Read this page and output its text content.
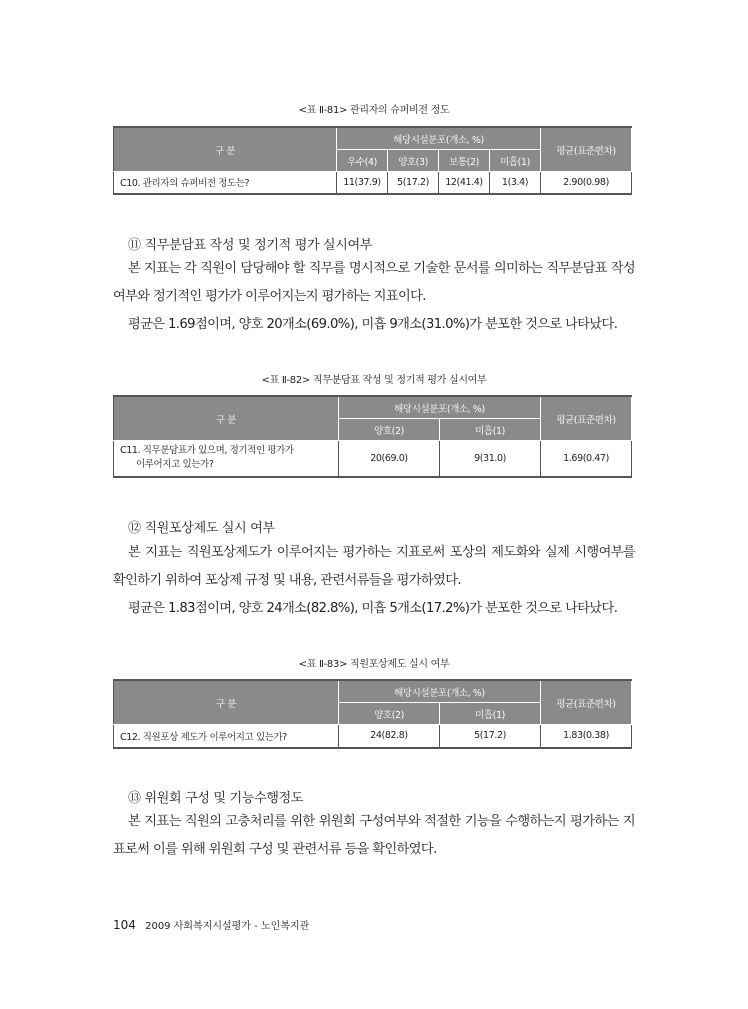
<표 Ⅱ-81> 관리자의 슈퍼비전 정도
구 분	해당시설분포(개소, %)				평균(표준편차)
	우수(4)	양호(3)	보통(2)	미흡(1)	
C10. 관리자의 슈퍼비전 정도는?	11(37.9)	5(17.2)	12(41.4)	1(3.4)	2.90(0.98)
⑪ 직무분담표 작성 및 정기적 평가 실시여부

본 지표는 각 직원이 담당해야 할 직무를 명시적으로 기술한 문서를 의미하는 직무분담표 작성여부와 정기적인 평가가 이루어지는지 평가하는 지표이다.

평균은 1.69점이며, 양호 20개소(69.0%), 미흡 9개소(31.0%)가 분포한 것으로 나타났다.

<표 Ⅱ-82> 직무분담표 작성 및 정기적 평가 실시여부
구 분	해당시설분포(개소, %)		평균(표준편차)
	양호(2)	미흡(1)	

C11. 직무분담표가 있으며, 정기적인 평가가
이루어지고 있는가?	20(69.0)	9(31.0)	1.69(0.47)
⑫ 직원포상제도 실시 여부

본 지표는 직원포상제도가 이루어지는 평가하는 지표로써 포상의 제도화와 실제 시행여부를 확인하기 위하여 포상제 규정 및 내용, 관련서류들을 평가하였다.

평균은 1.83점이며, 양호 24개소(82.8%), 미흡 5개소(17.2%)가 분포한 것으로 나타났다.

<표 Ⅱ-83> 직원포상제도 실시 여부
구 분	해당시설분포(개소, %)		평균(표준편차)
	양호(2)	미흡(1)	
C12. 직원포상 제도가 이루어지고 있는가?	24(82.8)	5(17.2)	1.83(0.38)
⑬ 위원회 구성 및 기능수행정도

본 지표는 직원의 고충처리를 위한 위원회 구성여부와 적절한 기능을 수행하는지 평가하는 지표로써 이를 위해 위원회 구성 및 관련서류 등을 확인하였다.

104 2009 사회복지시설평가 - 노인복지관
